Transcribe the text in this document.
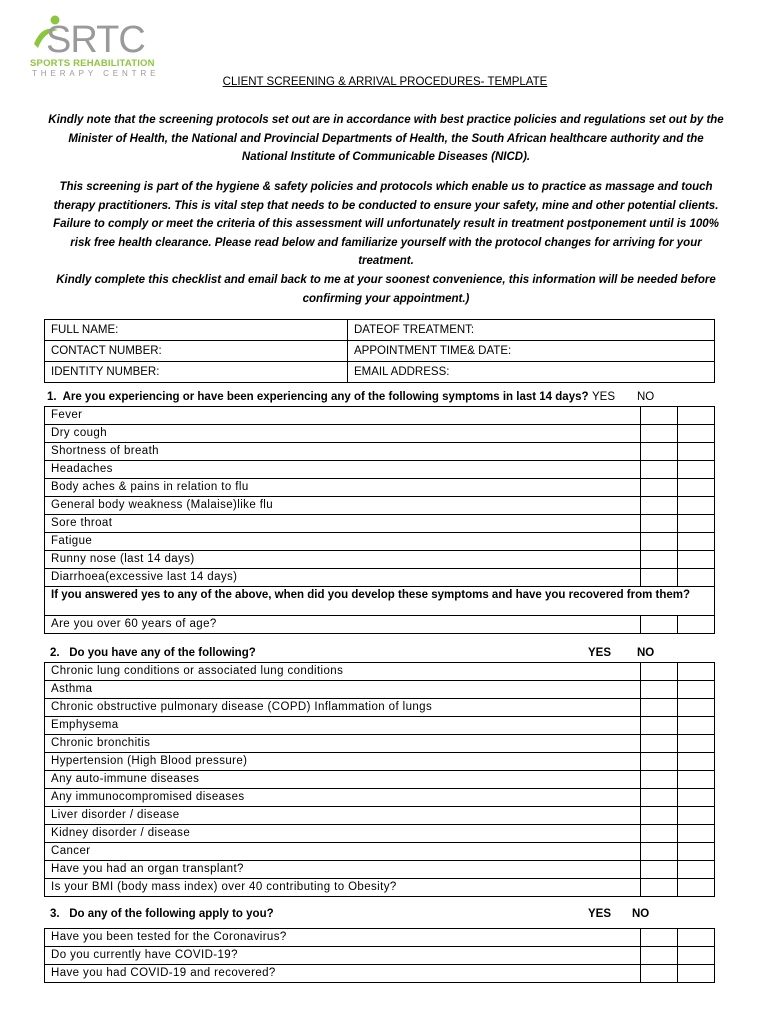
SRTC
SPORTS REHABILITATION
THERAPY CENTRE
CLIENT SCREENING & ARRIVAL PROCEDURES- TEMPLATE
Kindly note that the screening protocols set out are in accordance with best practice policies and regulations set out by the Minister of Health, the National and Provincial Departments of Health, the South African healthcare authority and the National Institute of Communicable Diseases (NICD).
This screening is part of the hygiene & safety policies and protocols which enable us to practice as massage and touch therapy practitioners. This is vital step that needs to be conducted to ensure your safety, mine and other potential clients. Failure to comply or meet the criteria of this assessment will unfortunately result in treatment postponement until is 100% risk free health clearance. Please read below and familiarize yourself with the protocol changes for arriving for your treatment.
Kindly complete this checklist and email back to me at your soonest convenience, this information will be needed before confirming your appointment.)
FULL NAME:	DATEOF TREATMENT:
CONTACT NUMBER:	APPOINTMENT TIME& DATE:
IDENTITY NUMBER:	EMAIL ADDRESS:
1. Are you experiencing or have been experiencing any of the following symptoms in last 14 days? YES NO
Fever		
Dry cough		
Shortness of breath		
Headaches		
Body aches & pains in relation to flu		
General body weakness (Malaise)like flu		
Sore throat		
Fatigue		
Runny nose (last 14 days)		
Diarrhoea(excessive last 14 days)		
If you answered yes to any of the above, when did you develop these symptoms and have you recovered from them?		
Are you over 60 years of age?		
2. Do you have any of the following?	YES NO
Chronic lung conditions or associated lung conditions		
Asthma		
Chronic obstructive pulmonary disease (COPD) Inflammation of lungs		
Emphysema		
Chronic bronchitis		
Hypertension (High Blood pressure)		
Any auto-immune diseases		
Any immunocompromised diseases		
Liver disorder / disease		
Kidney disorder / disease		
Cancer		
Have you had an organ transplant?		
Is your BMI (body mass index) over 40 contributing to Obesity?		
3. Do any of the following apply to you?	YES NO
Have you been tested for the Coronavirus?		
Do you currently have COVID-19?		
Have you had COVID-19 and recovered?		
